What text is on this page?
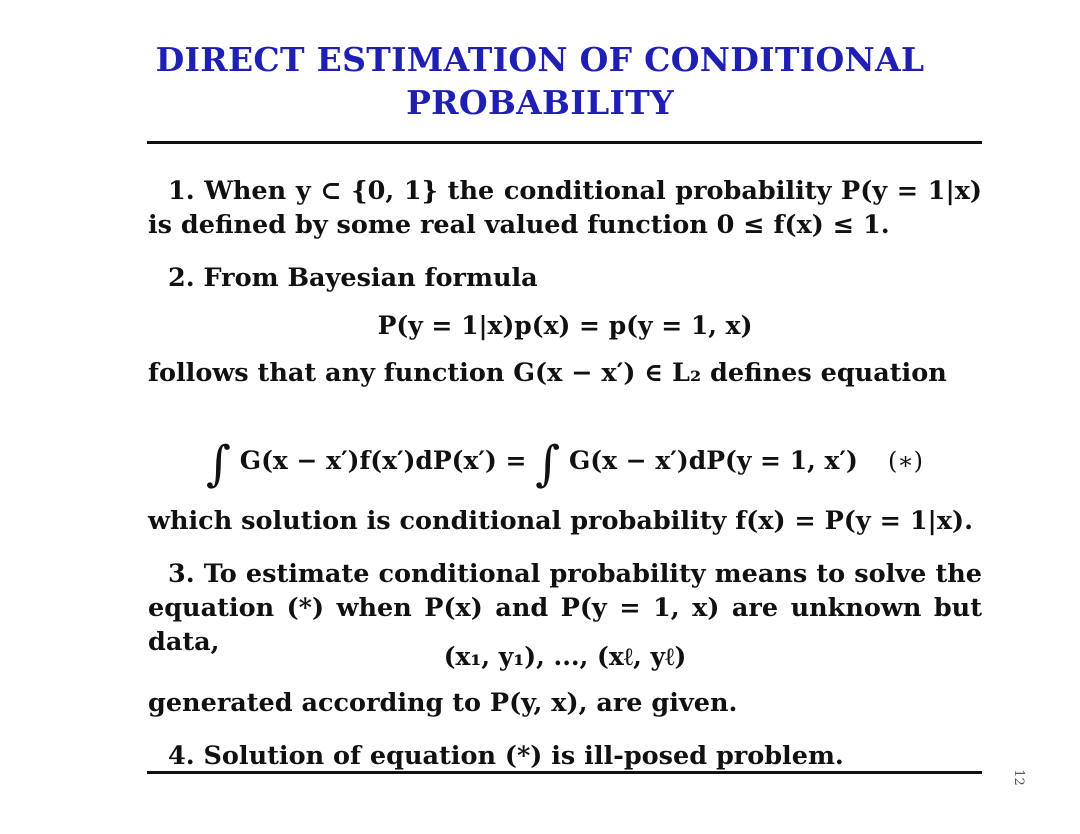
DIRECT ESTIMATION OF CONDITIONAL
PROBABILITY
1. When y ⊂ {0, 1} the conditional probability P(y = 1|x) is defined by some real valued function 0 ≤ f(x) ≤ 1.
2. From Bayesian formula
P(y = 1|x)p(x) = p(y = 1, x)
follows that any function G(x − x′) ∈ L₂ defines equation
∫ G(x − x′)f(x′)dP(x′) = ∫ G(x − x′)dP(y = 1, x′) (∗)
which solution is conditional probability f(x) = P(y = 1|x).
3. To estimate conditional probability means to solve the equation (*) when P(x) and P(y = 1, x) are unknown but data,	(x₁, y₁), ..., (xℓ, yℓ)
generated according to P(y, x), are given.
4. Solution of equation (*) is ill-posed problem.
12
